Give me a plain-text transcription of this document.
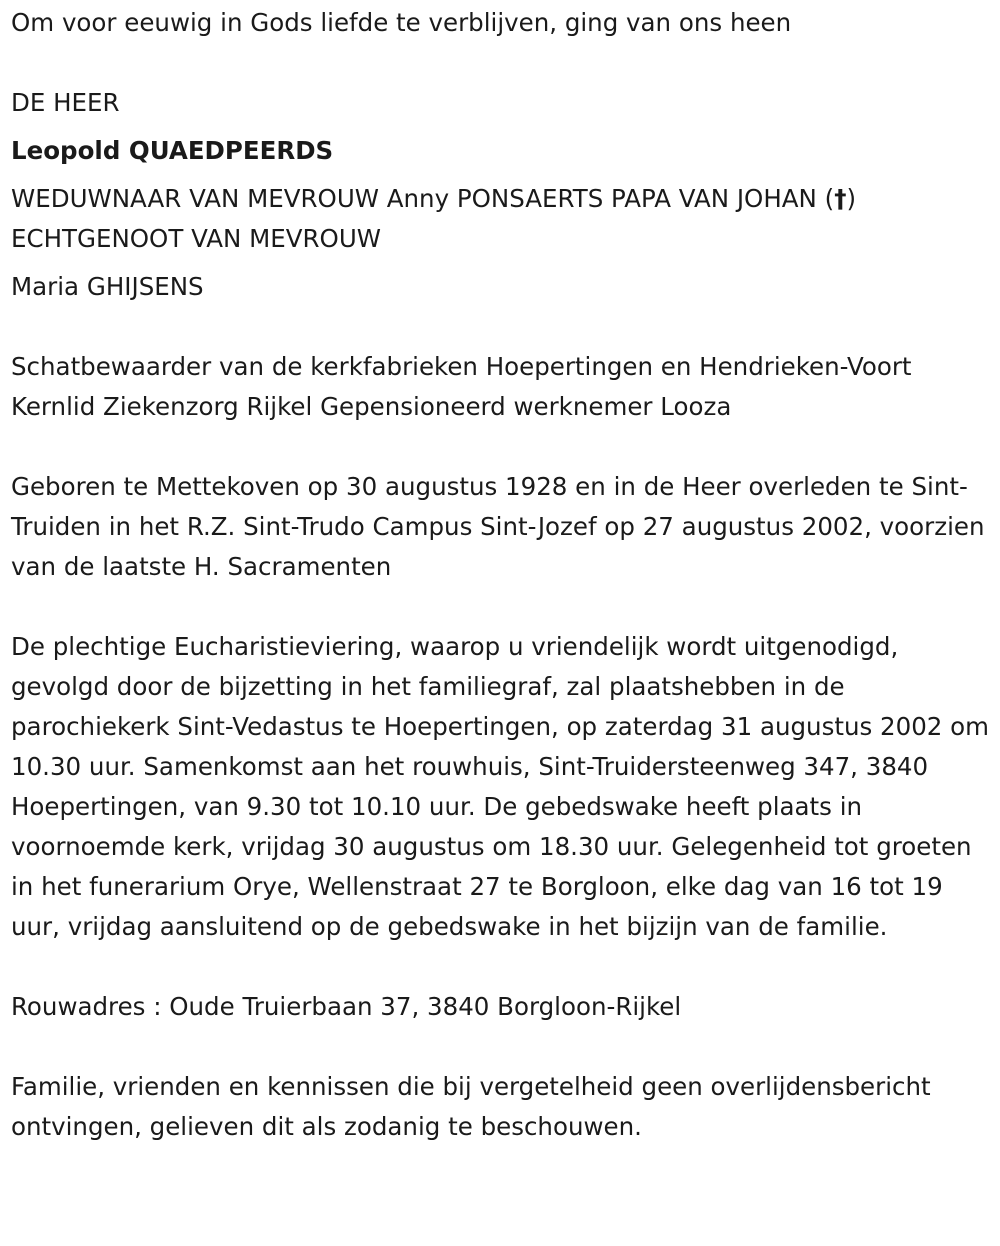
Om voor eeuwig in Gods liefde te verblijven, ging van ons heen

DE HEER

Leopold QUAEDPEERDS

WEDUWNAAR VAN MEVROUW Anny PONSAERTS PAPA VAN JOHAN (†)

ECHTGENOOT VAN MEVROUW

Maria GHIJSENS

Schatbewaarder van de kerkfabrieken Hoepertingen en Hendrieken-Voort Kernlid Ziekenzorg Rijkel Gepensioneerd werknemer Looza

Geboren te Mettekoven op 30 augustus 1928 en in de Heer overleden te Sint-Truiden in het R.Z. Sint-Trudo Campus Sint-Jozef op 27 augustus 2002, voorzien van de laatste H. Sacramenten

De plechtige Eucharistieviering, waarop u vriendelijk wordt uitgenodigd, gevolgd door de bijzetting in het familiegraf, zal plaatshebben in de parochiekerk Sint-Vedastus te Hoepertingen, op zaterdag 31 augustus 2002 om 10.30 uur. Samenkomst aan het rouwhuis, Sint-Truidersteenweg 347, 3840 Hoepertingen, van 9.30 tot 10.10 uur. De gebedswake heeft plaats in voornoemde kerk, vrijdag 30 augustus om 18.30 uur. Gelegenheid tot groeten in het funerarium Orye, Wellenstraat 27 te Borgloon, elke dag van 16 tot 19 uur, vrijdag aansluitend op de gebedswake in het bijzijn van de familie.

Rouwadres : Oude Truierbaan 37, 3840 Borgloon-Rijkel

Familie, vrienden en kennissen die bij vergetelheid geen overlijdensbericht ontvingen, gelieven dit als zodanig te beschouwen.
